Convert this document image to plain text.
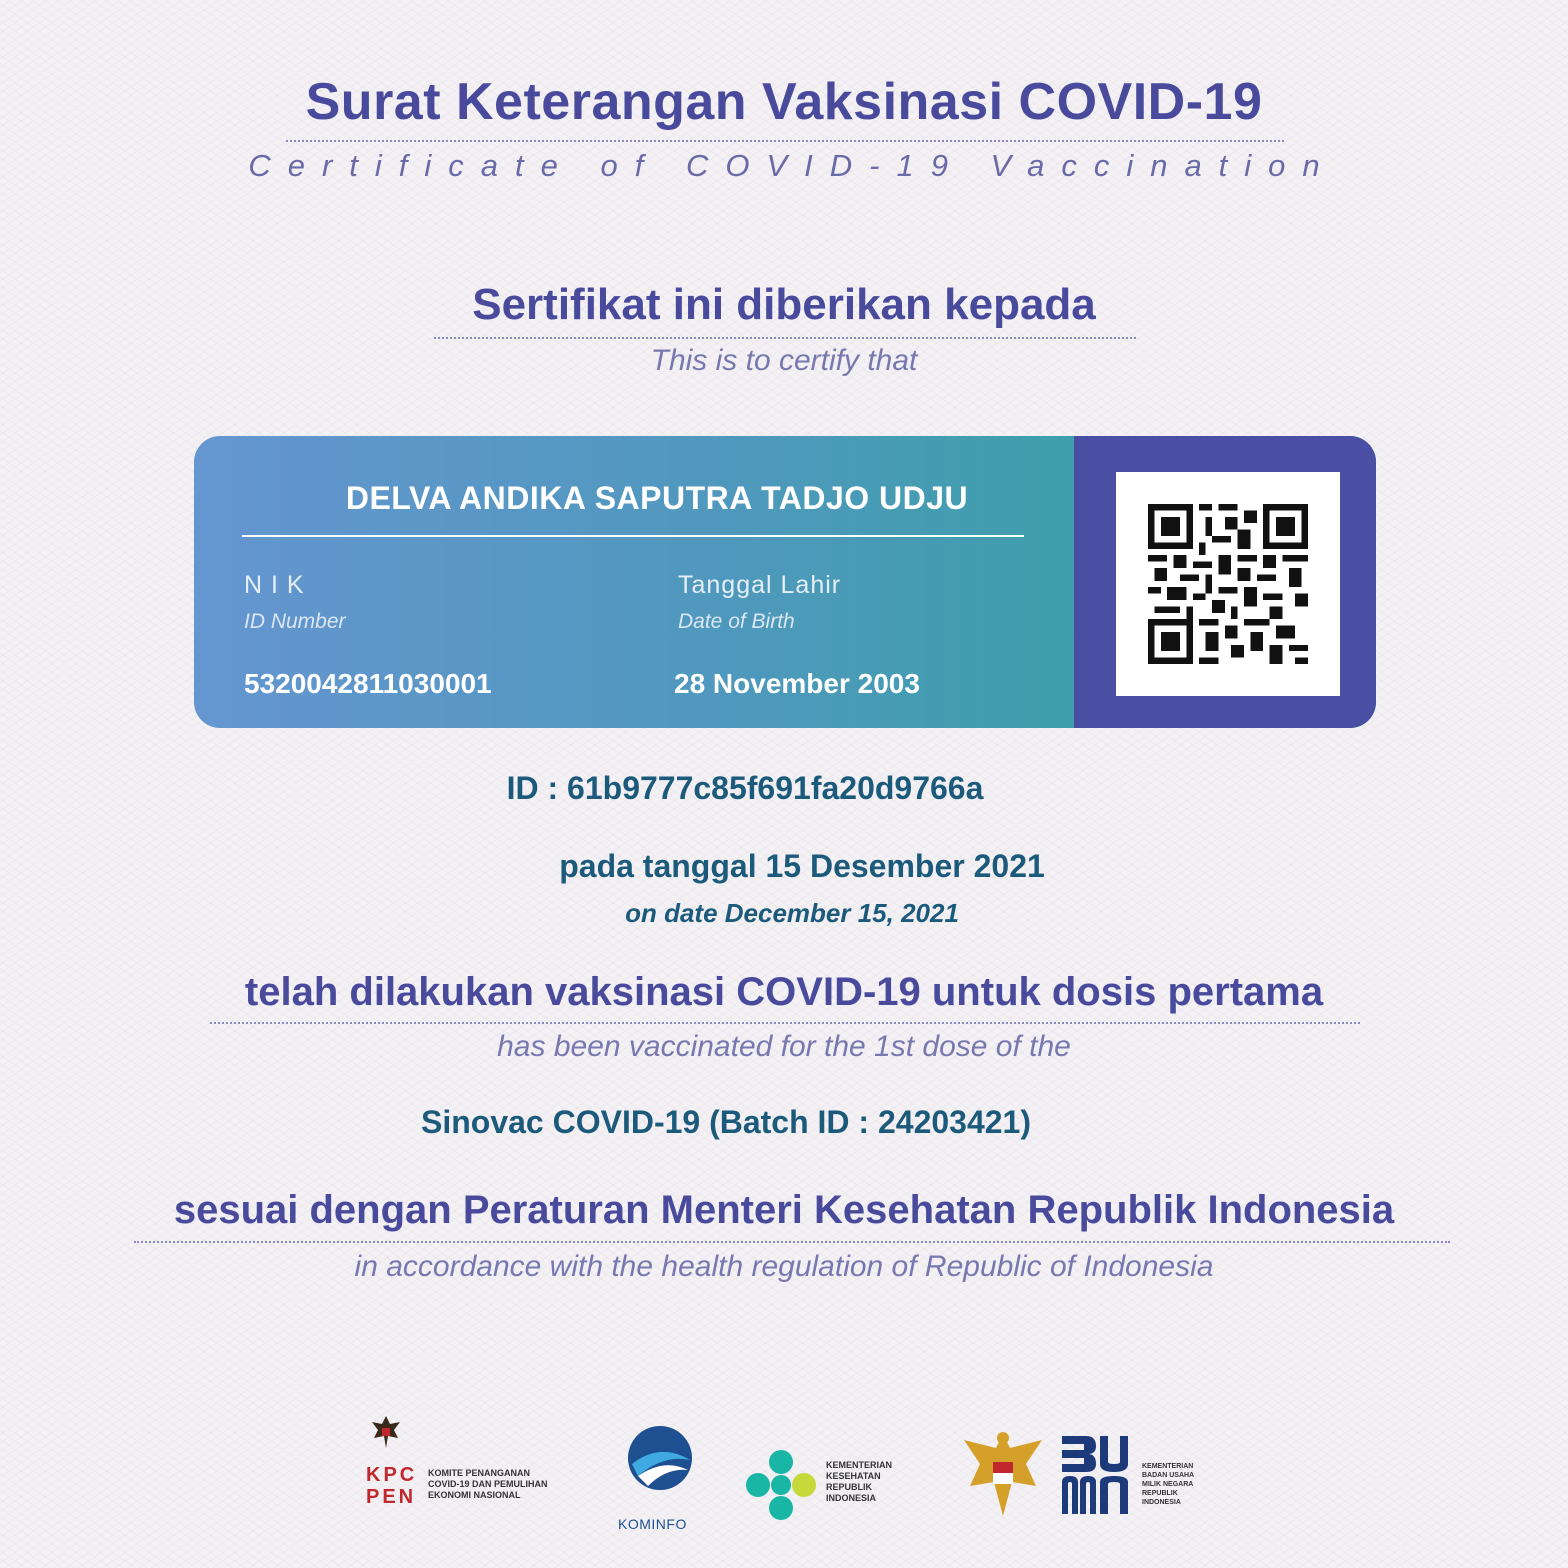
Surat Keterangan Vaksinasi COVID-19
Certificate of COVID-19 Vaccination
Sertifikat ini diberikan kepada
This is to certify that
DELVA ANDIKA SAPUTRA TADJO UDJU
N I K
ID Number
5320042811030001
Tanggal Lahir
Date of Birth
28 November 2003
ID : 61b9777c85f691fa20d9766a
pada tanggal 15 Desember 2021
on date December 15, 2021
telah dilakukan vaksinasi COVID-19 untuk dosis pertama
has been vaccinated for the 1st dose of the
Sinovac COVID-19 (Batch ID : 24203421)
sesuai dengan Peraturan Menteri Kesehatan Republik Indonesia
in accordance with the health regulation of Republic of Indonesia
KPC
PEN
KOMITE PENANGANAN
COVID-19 DAN PEMULIHAN
EKONOMI NASIONAL
KOMINFO
KEMENTERIAN
KESEHATAN
REPUBLIK
INDONESIA
KEMENTERIAN
BADAN USAHA
MILIK NEGARA
REPUBLIK
INDONESIA
